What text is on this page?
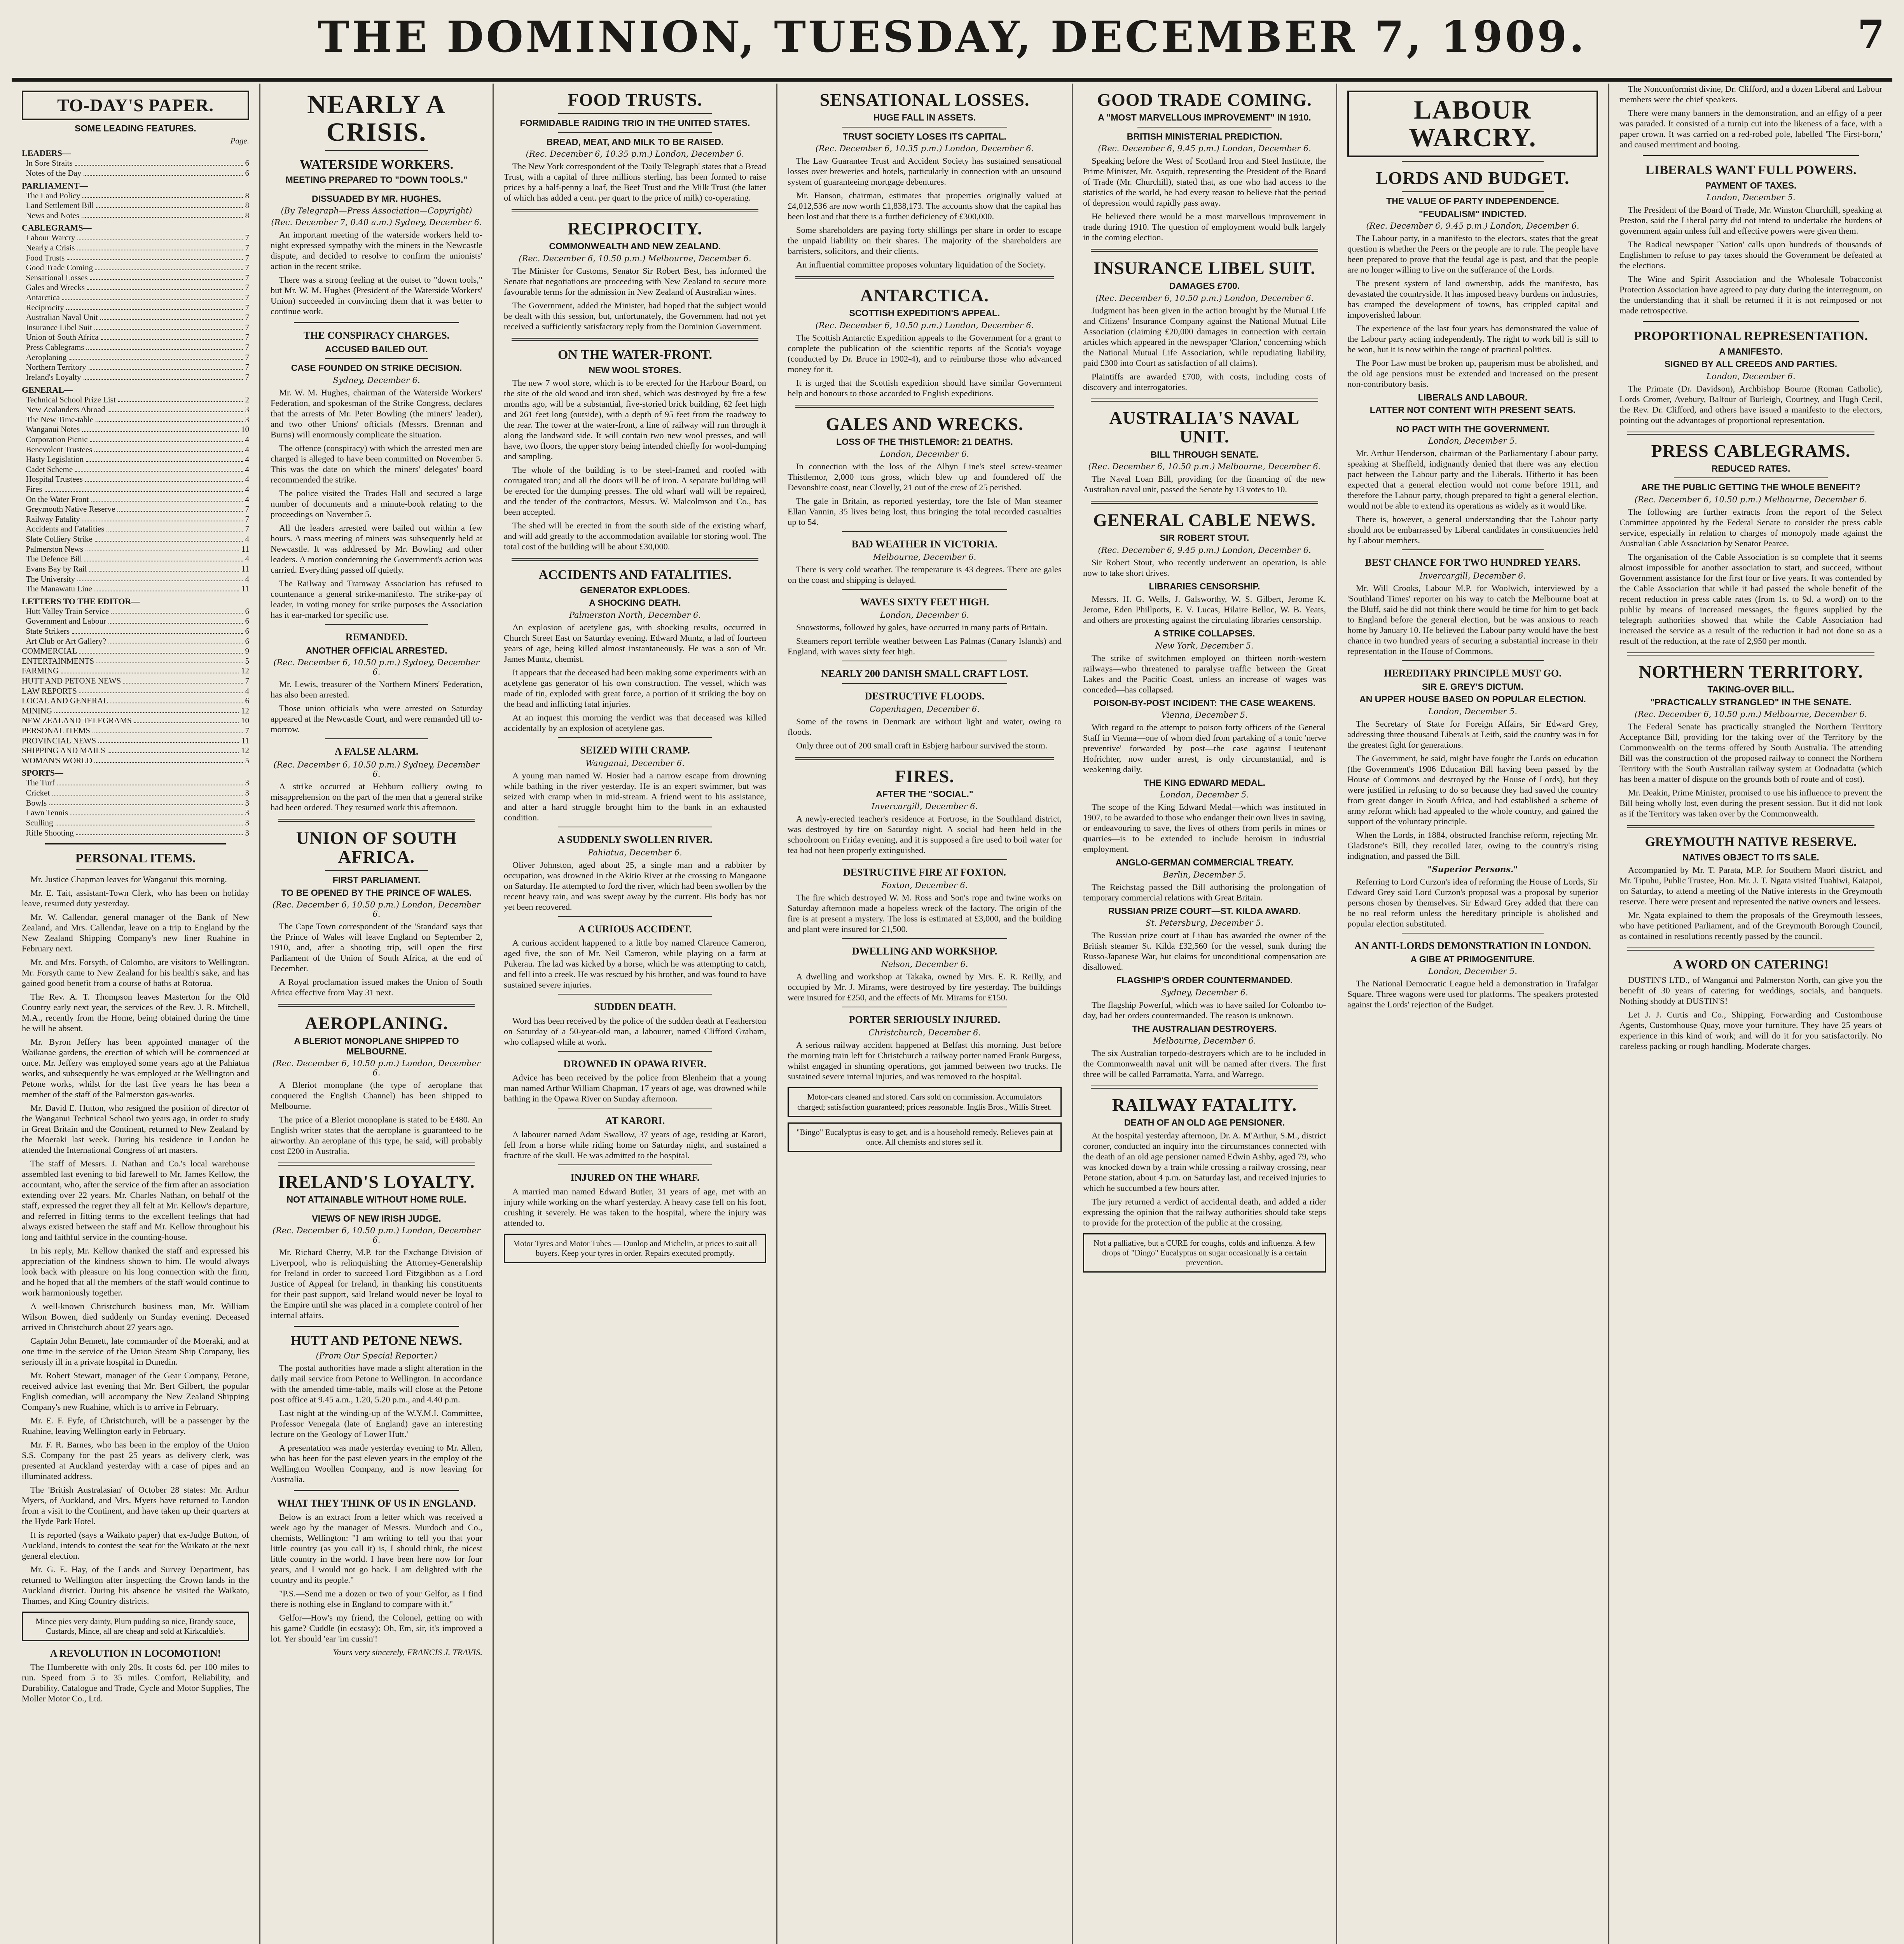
THE DOMINION, TUESDAY, DECEMBER 7, 1909.	7
TO-DAY'S PAPER.
SOME LEADING FEATURES.
Page.
LEADERS—
In Sore Straits	6
Notes of the Day	6
PARLIAMENT—
The Land Policy	8
Land Settlement Bill	8
News and Notes	8
CABLEGRAMS—
Labour Warcry	7
Nearly a Crisis	7
Food Trusts	7
Good Trade Coming	7
Sensational Losses	7
Gales and Wrecks	7
Antarctica	7
Reciprocity	7
Australian Naval Unit	7
Insurance Libel Suit	7
Union of South Africa	7
Press Cablegrams	7
Aeroplaning	7
Northern Territory	7
Ireland's Loyalty	7
GENERAL—
Technical School Prize List	2
New Zealanders Abroad	3
The New Time-table	3
Wanganui Notes	10
Corporation Picnic	4
Benevolent Trustees	4
Hasty Legislation	4
Cadet Scheme	4
Hospital Trustees	4
Fires	4
On the Water Front	4
Greymouth Native Reserve	7
Railway Fatality	7
Accidents and Fatalities	7
Slate Colliery Strike	4
Palmerston News	11
The Defence Bill	4
Evans Bay by Rail	11
The University	4
The Manawatu Line	11
LETTERS TO THE EDITOR—
Hutt Valley Train Service	6
Government and Labour	6
State Strikers	6
Art Club or Art Gallery?	6
COMMERCIAL	9
ENTERTAINMENTS	5
FARMING	12
HUTT AND PETONE NEWS	7
LAW REPORTS	4
LOCAL AND GENERAL	6
MINING	12
NEW ZEALAND TELEGRAMS	10
PERSONAL ITEMS	7
PROVINCIAL NEWS	11
SHIPPING AND MAILS	12
WOMAN'S WORLD	5
SPORTS—
The Turf	3
Cricket	3
Bowls	3
Lawn Tennis	3
Sculling	3
Rifle Shooting	3
PERSONAL ITEMS.

Mr. Justice Chapman leaves for Wanganui this morning.

Mr. E. Tait, assistant-Town Clerk, who has been on holiday leave, resumed duty yesterday.

Mr. W. Callendar, general manager of the Bank of New Zealand, and Mrs. Callendar, leave on a trip to England by the New Zealand Shipping Company's new liner Ruahine in February next.

Mr. and Mrs. Forsyth, of Colombo, are visitors to Wellington. Mr. Forsyth came to New Zealand for his health's sake, and has gained good benefit from a course of baths at Rotorua.

The Rev. A. T. Thompson leaves Masterton for the Old Country early next year, the services of the Rev. J. R. Mitchell, M.A., recently from the Home, being obtained during the time he will be absent.

Mr. Byron Jeffery has been appointed manager of the Waikanae gardens, the erection of which will be commenced at once. Mr. Jeffery was employed some years ago at the Pahiatua works, and subsequently he was employed at the Wellington and Petone works, whilst for the last five years he has been a member of the staff of the Palmerston gas-works.

Mr. David E. Hutton, who resigned the position of director of the Wanganui Technical School two years ago, in order to study in Great Britain and the Continent, returned to New Zealand by the Moeraki last week. During his residence in London he attended the International Congress of art masters.

The staff of Messrs. J. Nathan and Co.'s local warehouse assembled last evening to bid farewell to Mr. James Kellow, the accountant, who, after the service of the firm after an association extending over 22 years. Mr. Charles Nathan, on behalf of the staff, expressed the regret they all felt at Mr. Kellow's departure, and referred in fitting terms to the excellent feelings that had always existed between the staff and Mr. Kellow throughout his long and faithful service in the counting-house.

In his reply, Mr. Kellow thanked the staff and expressed his appreciation of the kindness shown to him. He would always look back with pleasure on his long connection with the firm, and he hoped that all the members of the staff would continue to work harmoniously together.

A well-known Christchurch business man, Mr. William Wilson Bowen, died suddenly on Sunday evening. Deceased arrived in Christchurch about 27 years ago.

Captain John Bennett, late commander of the Moeraki, and at one time in the service of the Union Steam Ship Company, lies seriously ill in a private hospital in Dunedin.

Mr. Robert Stewart, manager of the Gear Company, Petone, received advice last evening that Mr. Bert Gilbert, the popular English comedian, will accompany the New Zealand Shipping Company's new Ruahine, which is to arrive in February.

Mr. E. F. Fyfe, of Christchurch, will be a passenger by the Ruahine, leaving Wellington early in February.

Mr. F. R. Barnes, who has been in the employ of the Union S.S. Company for the past 25 years as delivery clerk, was presented at Auckland yesterday with a case of pipes and an illuminated address.

The 'British Australasian' of October 28 states: Mr. Arthur Myers, of Auckland, and Mrs. Myers have returned to London from a visit to the Continent, and have taken up their quarters at the Hyde Park Hotel.

It is reported (says a Waikato paper) that ex-Judge Button, of Auckland, intends to contest the seat for the Waikato at the next general election.

Mr. G. E. Hay, of the Lands and Survey Department, has returned to Wellington after inspecting the Crown lands in the Auckland district. During his absence he visited the Waikato, Thames, and King Country districts.

Mince pies very dainty, Plum pudding so nice, Brandy sauce, Custards, Mince, all are cheap and sold at Kirkcaldie's.
A REVOLUTION IN LOCOMOTION!

The Humberette with only 20s. It costs 6d. per 100 miles to run. Speed from 5 to 35 miles. Comfort, Reliability, and Durability. Catalogue and Trade, Cycle and Motor Supplies, The Moller Motor Co., Ltd.

NEARLY A CRISIS.
WATERSIDE WORKERS.
MEETING PREPARED TO "DOWN TOOLS."
DISSUADED BY MR. HUGHES.
(By Telegraph—Press Association—Copyright)
(Rec. December 7, 0.40 a.m.) Sydney, December 6.

An important meeting of the waterside workers held to-night expressed sympathy with the miners in the Newcastle dispute, and decided to resolve to confirm the unionists' action in the recent strike.

There was a strong feeling at the outset to "down tools," but Mr. W. M. Hughes (President of the Waterside Workers' Union) succeeded in convincing them that it was better to continue work.

THE CONSPIRACY CHARGES.
ACCUSED BAILED OUT.
CASE FOUNDED ON STRIKE DECISION.
Sydney, December 6.

Mr. W. M. Hughes, chairman of the Waterside Workers' Federation, and spokesman of the Strike Congress, declares that the arrests of Mr. Peter Bowling (the miners' leader), and two other Unions' officials (Messrs. Brennan and Burns) will enormously complicate the situation.

The offence (conspiracy) with which the arrested men are charged is alleged to have been committed on November 5. This was the date on which the miners' delegates' board recommended the strike.

The police visited the Trades Hall and secured a large number of documents and a minute-book relating to the proceedings on November 5.

All the leaders arrested were bailed out within a few hours. A mass meeting of miners was subsequently held at Newcastle. It was addressed by Mr. Bowling and other leaders. A motion condemning the Government's action was carried. Everything passed off quietly.

The Railway and Tramway Association has refused to countenance a general strike-manifesto. The strike-pay of leader, in voting money for strike purposes the Association has it ear-marked for specific use.

REMANDED.
ANOTHER OFFICIAL ARRESTED.
(Rec. December 6, 10.50 p.m.) Sydney, December 6.

Mr. Lewis, treasurer of the Northern Miners' Federation, has also been arrested.

Those union officials who were arrested on Saturday appeared at the Newcastle Court, and were remanded till to-morrow.

A FALSE ALARM.
(Rec. December 6, 10.50 p.m.) Sydney, December 6.

A strike occurred at Hebburn colliery owing to misapprehension on the part of the men that a general strike had been ordered. They resumed work this afternoon.

UNION OF SOUTH AFRICA.
FIRST PARLIAMENT.
TO BE OPENED BY THE PRINCE OF WALES.
(Rec. December 6, 10.50 p.m.) London, December 6.

The Cape Town correspondent of the 'Standard' says that the Prince of Wales will leave England on September 2, 1910, and, after a shooting trip, will open the first Parliament of the Union of South Africa, at the end of December.

A Royal proclamation issued makes the Union of South Africa effective from May 31 next.

AEROPLANING.
A BLERIOT MONOPLANE SHIPPED TO MELBOURNE.
(Rec. December 6, 10.50 p.m.) London, December 6.

A Bleriot monoplane (the type of aeroplane that conquered the English Channel) has been shipped to Melbourne.

The price of a Bleriot monoplane is stated to be £480. An English writer states that the aeroplane is guaranteed to be airworthy. An aeroplane of this type, he said, will probably cost £200 in Australia.

IRELAND'S LOYALTY.
NOT ATTAINABLE WITHOUT HOME RULE.
VIEWS OF NEW IRISH JUDGE.
(Rec. December 6, 10.50 p.m.) London, December 6.

Mr. Richard Cherry, M.P. for the Exchange Division of Liverpool, who is relinquishing the Attorney-Generalship for Ireland in order to succeed Lord Fitzgibbon as a Lord Justice of Appeal for Ireland, in thanking his constituents for their past support, said Ireland would never be loyal to the Empire until she was placed in a complete control of her internal affairs.

HUTT AND PETONE NEWS.
(From Our Special Reporter.)

The postal authorities have made a slight alteration in the daily mail service from Petone to Wellington. In accordance with the amended time-table, mails will close at the Petone post office at 9.45 a.m., 1.20, 5.20 p.m., and 4.40 p.m.

Last night at the winding-up of the W.Y.M.I. Committee, Professor Venegala (late of England) gave an interesting lecture on the 'Geology of Lower Hutt.'

A presentation was made yesterday evening to Mr. Allen, who has been for the past eleven years in the employ of the Wellington Woollen Company, and is now leaving for Australia.

WHAT THEY THINK OF US IN ENGLAND.

Below is an extract from a letter which was received a week ago by the manager of Messrs. Murdoch and Co., chemists, Wellington: "I am writing to tell you that your little country (as you call it) is, I should think, the nicest little country in the world. I have been here now for four years, and I would not go back. I am delighted with the country and its people."

"P.S.—Send me a dozen or two of your Gelfor, as I find there is nothing else in England to compare with it."

Gelfor—How's my friend, the Colonel, getting on with his game? Cuddle (in ecstasy): Oh, Em, sir, it's improved a lot. Yer should 'ear 'im cussin'!

Yours very sincerely, FRANCIS J. TRAVIS.

FOOD TRUSTS.
FORMIDABLE RAIDING TRIO IN THE UNITED STATES.
BREAD, MEAT, AND MILK TO BE RAISED.
(Rec. December 6, 10.35 p.m.) London, December 6.

The New York correspondent of the 'Daily Telegraph' states that a Bread Trust, with a capital of three millions sterling, has been formed to raise prices by a half-penny a loaf, the Beef Trust and the Milk Trust (the latter of which has added a cent. per quart to the price of milk) co-operating.

RECIPROCITY.
COMMONWEALTH AND NEW ZEALAND.
(Rec. December 6, 10.50 p.m.) Melbourne, December 6.

The Minister for Customs, Senator Sir Robert Best, has informed the Senate that negotiations are proceeding with New Zealand to secure more favourable terms for the admission in New Zealand of Australian wines.

The Government, added the Minister, had hoped that the subject would be dealt with this session, but, unfortunately, the Government had not yet received a sufficiently satisfactory reply from the Dominion Government.

ON THE WATER-FRONT.
NEW WOOL STORES.

The new 7 wool store, which is to be erected for the Harbour Board, on the site of the old wood and iron shed, which was destroyed by fire a few months ago, will be a substantial, five-storied brick building, 62 feet high and 261 feet long (outside), with a depth of 95 feet from the roadway to the rear. The tower at the water-front, a line of railway will run through it along the landward side. It will contain two new wool presses, and will have, two floors, the upper story being intended chiefly for wool-dumping and sampling.

The whole of the building is to be steel-framed and roofed with corrugated iron; and all the doors will be of iron. A separate building will be erected for the dumping presses. The old wharf wall will be repaired, and the tender of the contractors, Messrs. W. Malcolmson and Co., has been accepted.

The shed will be erected in from the south side of the existing wharf, and will add greatly to the accommodation available for storing wool. The total cost of the building will be about £30,000.

ACCIDENTS AND FATALITIES.
GENERATOR EXPLODES.
A SHOCKING DEATH.
Palmerston North, December 6.

An explosion of acetylene gas, with shocking results, occurred in Church Street East on Saturday evening. Edward Muntz, a lad of fourteen years of age, being killed almost instantaneously. He was a son of Mr. James Muntz, chemist.

It appears that the deceased had been making some experiments with an acetylene gas generator of his own construction. The vessel, which was made of tin, exploded with great force, a portion of it striking the boy on the head and inflicting fatal injuries.

At an inquest this morning the verdict was that deceased was killed accidentally by an explosion of acetylene gas.

SEIZED WITH CRAMP.
Wanganui, December 6.

A young man named W. Hosier had a narrow escape from drowning while bathing in the river yesterday. He is an expert swimmer, but was seized with cramp when in mid-stream. A friend went to his assistance, and after a hard struggle brought him to the bank in an exhausted condition.

A SUDDENLY SWOLLEN RIVER.
Pahiatua, December 6.

Oliver Johnston, aged about 25, a single man and a rabbiter by occupation, was drowned in the Akitio River at the crossing to Mangaone on Saturday. He attempted to ford the river, which had been swollen by the recent heavy rain, and was swept away by the current. His body has not yet been recovered.

A CURIOUS ACCIDENT.

A curious accident happened to a little boy named Clarence Cameron, aged five, the son of Mr. Neil Cameron, while playing on a farm at Pukerau. The lad was kicked by a horse, which he was attempting to catch, and fell into a creek. He was rescued by his brother, and was found to have sustained severe injuries.

SUDDEN DEATH.

Word has been received by the police of the sudden death at Featherston on Saturday of a 50-year-old man, a labourer, named Clifford Graham, who collapsed while at work.

DROWNED IN OPAWA RIVER.

Advice has been received by the police from Blenheim that a young man named Arthur William Chapman, 17 years of age, was drowned while bathing in the Opawa River on Sunday afternoon.

AT KARORI.

A labourer named Adam Swallow, 37 years of age, residing at Karori, fell from a horse while riding home on Saturday night, and sustained a fracture of the skull. He was admitted to the hospital.

INJURED ON THE WHARF.

A married man named Edward Butler, 31 years of age, met with an injury while working on the wharf yesterday. A heavy case fell on his foot, crushing it severely. He was taken to the hospital, where the injury was attended to.

Motor Tyres and Motor Tubes — Dunlop and Michelin, at prices to suit all buyers. Keep your tyres in order. Repairs executed promptly.

SENSATIONAL LOSSES.
HUGE FALL IN ASSETS.
TRUST SOCIETY LOSES ITS CAPITAL.
(Rec. December 6, 10.35 p.m.) London, December 6.

The Law Guarantee Trust and Accident Society has sustained sensational losses over breweries and hotels, particularly in connection with an unsound system of guaranteeing mortgage debentures.

Mr. Hanson, chairman, estimates that properties originally valued at £4,012,536 are now worth £1,838,173. The accounts show that the capital has been lost and that there is a further deficiency of £300,000.

Some shareholders are paying forty shillings per share in order to escape the unpaid liability on their shares. The majority of the shareholders are barristers, solicitors, and their clients.

An influential committee proposes voluntary liquidation of the Society.

ANTARCTICA.
SCOTTISH EXPEDITION'S APPEAL.
(Rec. December 6, 10.50 p.m.) London, December 6.

The Scottish Antarctic Expedition appeals to the Government for a grant to complete the publication of the scientific reports of the Scotia's voyage (conducted by Dr. Bruce in 1902-4), and to reimburse those who advanced money for it.

It is urged that the Scottish expedition should have similar Government help and honours to those accorded to English expeditions.

GALES AND WRECKS.
LOSS OF THE THISTLEMOR: 21 DEATHS.
London, December 6.

In connection with the loss of the Albyn Line's steel screw-steamer Thistlemor, 2,000 tons gross, which blew up and foundered off the Devonshire coast, near Clovelly, 21 out of the crew of 25 perished.

The gale in Britain, as reported yesterday, tore the Isle of Man steamer Ellan Vannin, 35 lives being lost, thus bringing the total recorded casualties up to 54.

BAD WEATHER IN VICTORIA.
Melbourne, December 6.

There is very cold weather. The temperature is 43 degrees. There are gales on the coast and shipping is delayed.

WAVES SIXTY FEET HIGH.
London, December 6.

Snowstorms, followed by gales, have occurred in many parts of Britain.

Steamers report terrible weather between Las Palmas (Canary Islands) and England, with waves sixty feet high.

NEARLY 200 DANISH SMALL CRAFT LOST.
DESTRUCTIVE FLOODS.
Copenhagen, December 6.

Some of the towns in Denmark are without light and water, owing to floods.

Only three out of 200 small craft in Esbjerg harbour survived the storm.

FIRES.
AFTER THE "SOCIAL."
Invercargill, December 6.

A newly-erected teacher's residence at Fortrose, in the Southland district, was destroyed by fire on Saturday night. A social had been held in the schoolroom on Friday evening, and it is supposed a fire used to boil water for tea had not been properly extinguished.

DESTRUCTIVE FIRE AT FOXTON.
Foxton, December 6.

The fire which destroyed W. M. Ross and Son's rope and twine works on Saturday afternoon made a hopeless wreck of the factory. The origin of the fire is at present a mystery. The loss is estimated at £3,000, and the building and plant were insured for £1,500.

DWELLING AND WORKSHOP.
Nelson, December 6.

A dwelling and workshop at Takaka, owned by Mrs. E. R. Reilly, and occupied by Mr. J. Mirams, were destroyed by fire yesterday. The buildings were insured for £250, and the effects of Mr. Mirams for £150.

PORTER SERIOUSLY INJURED.
Christchurch, December 6.

A serious railway accident happened at Belfast this morning. Just before the morning train left for Christchurch a railway porter named Frank Burgess, whilst engaged in shunting operations, got jammed between two trucks. He sustained severe internal injuries, and was removed to the hospital.

Motor-cars cleaned and stored. Cars sold on commission. Accumulators charged; satisfaction guaranteed; prices reasonable. Inglis Bros., Willis Street.
"Bingo" Eucalyptus is easy to get, and is a household remedy. Relieves pain at once. All chemists and stores sell it.

GOOD TRADE COMING.
A "MOST MARVELLOUS IMPROVEMENT" IN 1910.
BRITISH MINISTERIAL PREDICTION.
(Rec. December 6, 9.45 p.m.) London, December 6.

Speaking before the West of Scotland Iron and Steel Institute, the Prime Minister, Mr. Asquith, representing the President of the Board of Trade (Mr. Churchill), stated that, as one who had access to the statistics of the world, he had every reason to believe that the period of depression would rapidly pass away.

He believed there would be a most marvellous improvement in trade during 1910. The question of employment would bulk largely in the coming election.

INSURANCE LIBEL SUIT.
DAMAGES £700.
(Rec. December 6, 10.50 p.m.) London, December 6.

Judgment has been given in the action brought by the Mutual Life and Citizens' Insurance Company against the National Mutual Life Association (claiming £20,000 damages in connection with certain articles which appeared in the newspaper 'Clarion,' concerning which the National Mutual Life Association, while repudiating liability, paid £300 into Court as satisfaction of all claims).

Plaintiffs are awarded £700, with costs, including costs of discovery and interrogatories.

AUSTRALIA'S NAVAL UNIT.
BILL THROUGH SENATE.
(Rec. December 6, 10.50 p.m.) Melbourne, December 6.

The Naval Loan Bill, providing for the financing of the new Australian naval unit, passed the Senate by 13 votes to 10.

GENERAL CABLE NEWS.
SIR ROBERT STOUT.
(Rec. December 6, 9.45 p.m.) London, December 6.

Sir Robert Stout, who recently underwent an operation, is able now to take short drives.

LIBRARIES CENSORSHIP.

Messrs. H. G. Wells, J. Galsworthy, W. S. Gilbert, Jerome K. Jerome, Eden Phillpotts, E. V. Lucas, Hilaire Belloc, W. B. Yeats, and others are protesting against the circulating libraries censorship.

A STRIKE COLLAPSES.
New York, December 5.

The strike of switchmen employed on thirteen north-western railways—who threatened to paralyse traffic between the Great Lakes and the Pacific Coast, unless an increase of wages was conceded—has collapsed.

POISON-BY-POST INCIDENT: THE CASE WEAKENS.
Vienna, December 5.

With regard to the attempt to poison forty officers of the General Staff in Vienna—one of whom died from partaking of a tonic 'nerve preventive' forwarded by post—the case against Lieutenant Hofrichter, now under arrest, is only circumstantial, and is weakening daily.

THE KING EDWARD MEDAL.
London, December 5.

The scope of the King Edward Medal—which was instituted in 1907, to be awarded to those who endanger their own lives in saving, or endeavouring to save, the lives of others from perils in mines or quarries—is to be extended to include heroism in industrial employment.

ANGLO-GERMAN COMMERCIAL TREATY.
Berlin, December 5.

The Reichstag passed the Bill authorising the prolongation of temporary commercial relations with Great Britain.

RUSSIAN PRIZE COURT—ST. KILDA AWARD.
St. Petersburg, December 5.

The Russian prize court at Libau has awarded the owner of the British steamer St. Kilda £32,560 for the vessel, sunk during the Russo-Japanese War, but claims for unconditional compensation are disallowed.

FLAGSHIP'S ORDER COUNTERMANDED.
Sydney, December 6.

The flagship Powerful, which was to have sailed for Colombo to-day, had her orders countermanded. The reason is unknown.

THE AUSTRALIAN DESTROYERS.
Melbourne, December 6.

The six Australian torpedo-destroyers which are to be included in the Commonwealth naval unit will be named after rivers. The first three will be called Parramatta, Yarra, and Warrego.

RAILWAY FATALITY.
DEATH OF AN OLD AGE PENSIONER.

At the hospital yesterday afternoon, Dr. A. M'Arthur, S.M., district coroner, conducted an inquiry into the circumstances connected with the death of an old age pensioner named Edwin Ashby, aged 79, who was knocked down by a train while crossing a railway crossing, near Petone station, about 4 p.m. on Saturday last, and received injuries to which he succumbed a few hours after.

The jury returned a verdict of accidental death, and added a rider expressing the opinion that the railway authorities should take steps to provide for the protection of the public at the crossing.

Not a palliative, but a CURE for coughs, colds and influenza. A few drops of "Dingo" Eucalyptus on sugar occasionally is a certain prevention.

LABOUR WARCRY.
LORDS AND BUDGET.
THE VALUE OF PARTY INDEPENDENCE.
"FEUDALISM" INDICTED.
(Rec. December 6, 9.45 p.m.) London, December 6.

The Labour party, in a manifesto to the electors, states that the great question is whether the Peers or the people are to rule. The people have been prepared to prove that the feudal age is past, and that the people are no longer willing to live on the sufferance of the Lords.

The present system of land ownership, adds the manifesto, has devastated the countryside. It has imposed heavy burdens on industries, has cramped the development of towns, has crippled capital and impoverished labour.

The experience of the last four years has demonstrated the value of the Labour party acting independently. The right to work bill is still to be won, but it is now within the range of practical politics.

The Poor Law must be broken up, pauperism must be abolished, and the old age pensions must be extended and increased on the present non-contributory basis.

LIBERALS AND LABOUR.
LATTER NOT CONTENT WITH PRESENT SEATS.
NO PACT WITH THE GOVERNMENT.
London, December 5.

Mr. Arthur Henderson, chairman of the Parliamentary Labour party, speaking at Sheffield, indignantly denied that there was any election pact between the Labour party and the Liberals. Hitherto it has been expected that a general election would not come before 1911, and therefore the Labour party, though prepared to fight a general election, would not be able to extend its operations as widely as it would like.

There is, however, a general understanding that the Labour party should not be embarrassed by Liberal candidates in constituencies held by Labour members.

BEST CHANCE FOR TWO HUNDRED YEARS.
Invercargill, December 6.

Mr. Will Crooks, Labour M.P. for Woolwich, interviewed by a 'Southland Times' reporter on his way to catch the Melbourne boat at the Bluff, said he did not think there would be time for him to get back to England before the general election, but he was anxious to reach home by January 10. He believed the Labour party would have the best chance in two hundred years of securing a substantial increase in their representation in the House of Commons.

HEREDITARY PRINCIPLE MUST GO.
SIR E. GREY'S DICTUM.
AN UPPER HOUSE BASED ON POPULAR ELECTION.
London, December 5.

The Secretary of State for Foreign Affairs, Sir Edward Grey, addressing three thousand Liberals at Leith, said the country was in for the greatest fight for generations.

The Government, he said, might have fought the Lords on education (the Government's 1906 Education Bill having been passed by the House of Commons and destroyed by the House of Lords), but they were justified in refusing to do so because they had saved the country from great danger in South Africa, and had established a scheme of army reform which had appealed to the whole country, and gained the support of the voluntary principle.

When the Lords, in 1884, obstructed franchise reform, rejecting Mr. Gladstone's Bill, they recoiled later, owing to the country's rising indignation, and passed the Bill.

"Superior Persons."

Referring to Lord Curzon's idea of reforming the House of Lords, Sir Edward Grey said Lord Curzon's proposal was a proposal by superior persons chosen by themselves. Sir Edward Grey added that there can be no real reform unless the hereditary principle is abolished and popular election substituted.

AN ANTI-LORDS DEMONSTRATION IN LONDON.
A GIBE AT PRIMOGENITURE.
London, December 5.

The National Democratic League held a demonstration in Trafalgar Square. Three wagons were used for platforms. The speakers protested against the Lords' rejection of the Budget.

The Nonconformist divine, Dr. Clifford, and a dozen Liberal and Labour members were the chief speakers.

There were many banners in the demonstration, and an effigy of a peer was paraded. It consisted of a turnip cut into the likeness of a face, with a paper crown. It was carried on a red-robed pole, labelled 'The First-born,' and caused merriment and booing.

LIBERALS WANT FULL POWERS.
PAYMENT OF TAXES.
London, December 5.

The President of the Board of Trade, Mr. Winston Churchill, speaking at Preston, said the Liberal party did not intend to undertake the burdens of government again unless full and effective powers were given them.

The Radical newspaper 'Nation' calls upon hundreds of thousands of Englishmen to refuse to pay taxes should the Government be defeated at the elections.

The Wine and Spirit Association and the Wholesale Tobacconist Protection Association have agreed to pay duty during the interregnum, on the understanding that it shall be returned if it is not reimposed or not made retrospective.

PROPORTIONAL REPRESENTATION.
A MANIFESTO.
SIGNED BY ALL CREEDS AND PARTIES.
London, December 6.

The Primate (Dr. Davidson), Archbishop Bourne (Roman Catholic), Lords Cromer, Avebury, Balfour of Burleigh, Courtney, and Hugh Cecil, the Rev. Dr. Clifford, and others have issued a manifesto to the electors, pointing out the advantages of proportional representation.

PRESS CABLEGRAMS.
REDUCED RATES.
ARE THE PUBLIC GETTING THE WHOLE BENEFIT?
(Rec. December 6, 10.50 p.m.) Melbourne, December 6.

The following are further extracts from the report of the Select Committee appointed by the Federal Senate to consider the press cable service, especially in relation to charges of monopoly made against the Australian Cable Association by Senator Pearce.

The organisation of the Cable Association is so complete that it seems almost impossible for another association to start, and succeed, without Government assistance for the first four or five years. It was contended by the Cable Association that while it had passed the whole benefit of the recent reduction in press cable rates (from 1s. to 9d. a word) on to the public by means of increased messages, the figures supplied by the telegraph authorities showed that while the Cable Association had increased the service as a result of the reduction it had not done so as a result of the reduction, at the rate of 2,950 per month.

NORTHERN TERRITORY.
TAKING-OVER BILL.
"PRACTICALLY STRANGLED" IN THE SENATE.
(Rec. December 6, 10.50 p.m.) Melbourne, December 6.

The Federal Senate has practically strangled the Northern Territory Acceptance Bill, providing for the taking over of the Territory by the Commonwealth on the terms offered by South Australia. The attending Bill was the construction of the proposed railway to connect the Northern Territory with the South Australian railway system at Oodnadatta (which has been a matter of dispute on the grounds both of route and of cost).

Mr. Deakin, Prime Minister, promised to use his influence to prevent the Bill being wholly lost, even during the present session. But it did not look as if the Territory was taken over by the Commonwealth.

GREYMOUTH NATIVE RESERVE.
NATIVES OBJECT TO ITS SALE.

Accompanied by Mr. T. Parata, M.P. for Southern Maori district, and Mr. Tipuhu, Public Trustee, Hon. Mr. J. T. Ngata visited Tuahiwi, Kaiapoi, on Saturday, to attend a meeting of the Native interests in the Greymouth reserve. There were present and represented the native owners and lessees.

Mr. Ngata explained to them the proposals of the Greymouth lessees, who have petitioned Parliament, and of the Greymouth Borough Council, as contained in resolutions recently passed by the council.

A WORD ON CATERING!

DUSTIN'S LTD., of Wanganui and Palmerston North, can give you the benefit of 30 years of catering for weddings, socials, and banquets. Nothing shoddy at DUSTIN'S!

Let J. J. Curtis and Co., Shipping, Forwarding and Customhouse Agents, Customhouse Quay, move your furniture. They have 25 years of experience in this kind of work; and will do it for you satisfactorily. No careless packing or rough handling. Moderate charges.
